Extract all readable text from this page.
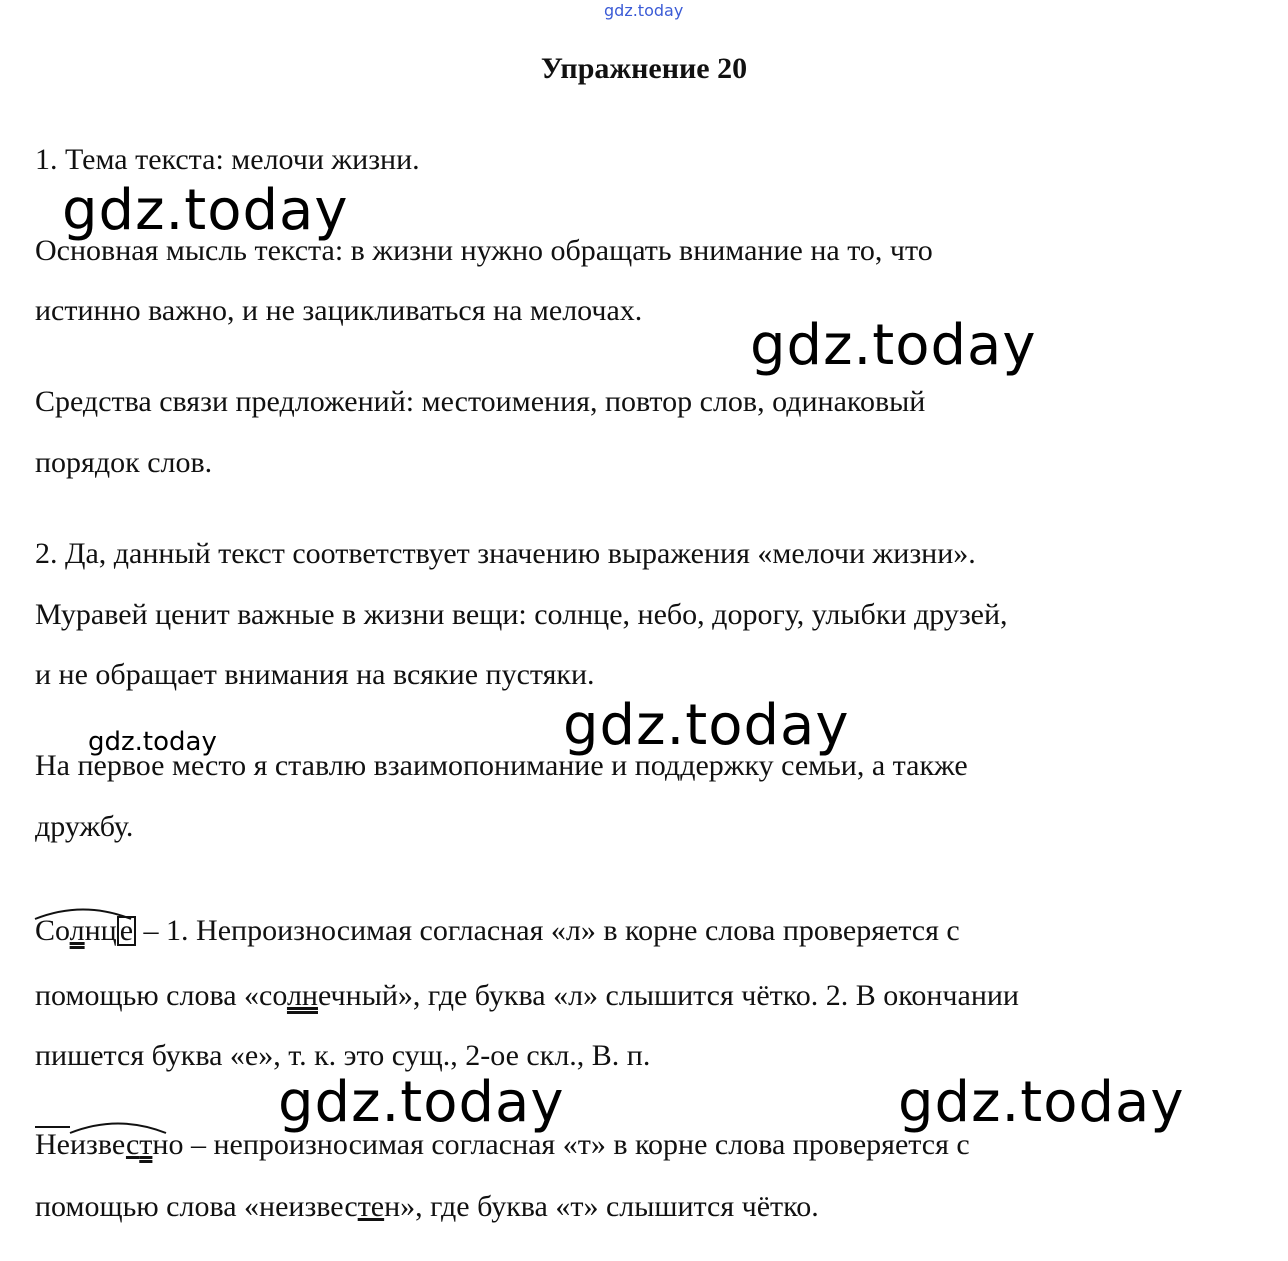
gdz.today
gdz.today
gdz.today
gdz.today
gdz.today
gdz.today	gdz.today
Упражнение 20
1. Тема текста: мелочи жизни.
Основная мысль текста: в жизни нужно обращать внимание на то, что
истинно важно, и не зацикливаться на мелочах.
Средства связи предложений: местоимения, повтор слов, одинаковый
порядок слов.
2. Да, данный текст соответствует значению выражения «мелочи жизни».
Муравей ценит важные в жизни вещи: солнце, небо, дорогу, улыбки друзей,
и не обращает внимания на всякие пустяки.
На первое место я ставлю взаимопонимание и поддержку семьи, а также
дружбу.
Солнц е – 1. Непроизносимая согласная «л» в корне слова проверяется с
помощью слова «солнечный», где буква «л» слышится чётко. 2. В окончании
пишется буква «е», т. к. это сущ., 2-ое скл., В. п.
Не
известно – непроизносимая согласная «т» в корне слова проверяется с
помощью слова «неизвестен», где буква «т» слышится чётко.
